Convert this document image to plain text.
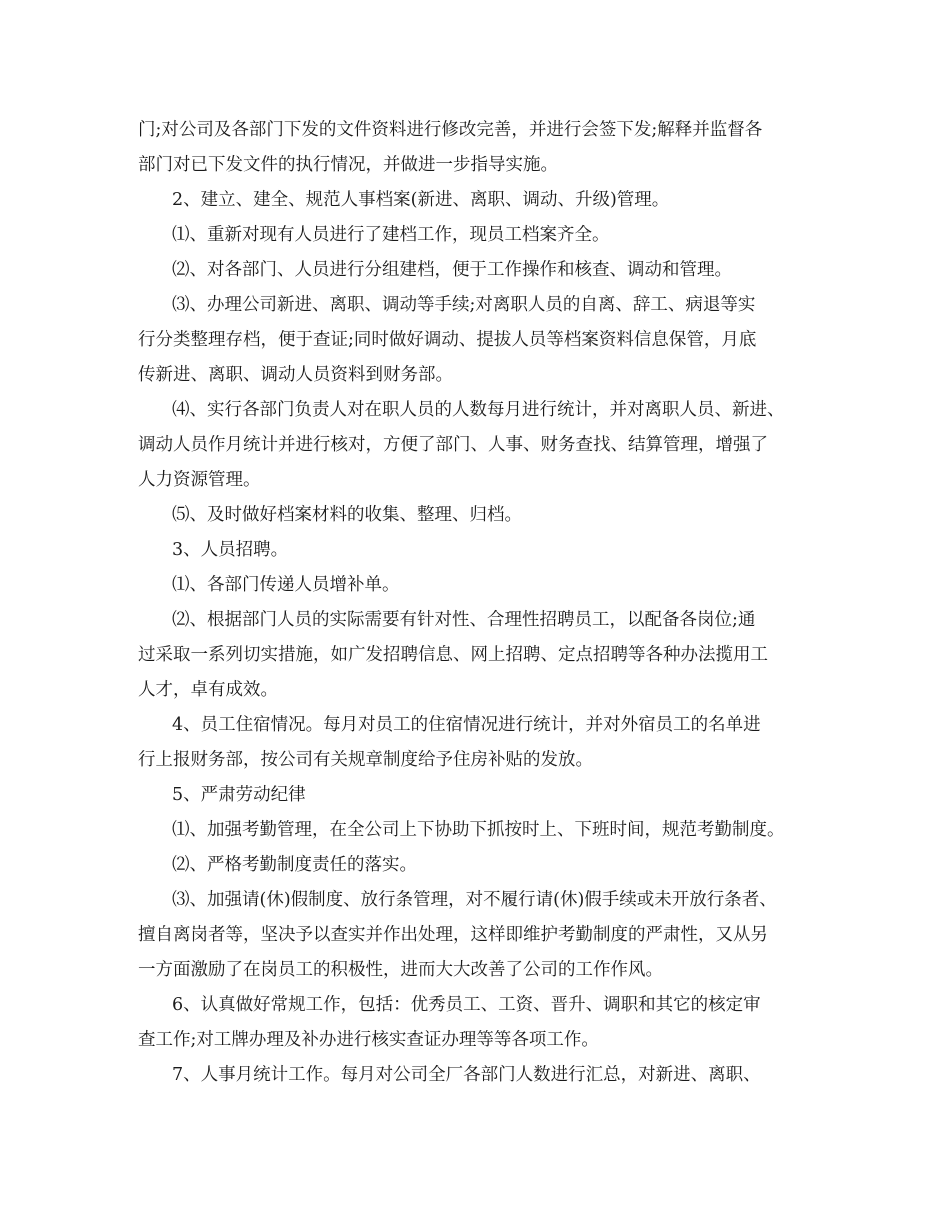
门;对公司及各部门下发的文件资料进行修改完善，并进行会签下发;解释并监督各
部门对已下发文件的执行情况，并做进一步指导实施。
2、建立、建全、规范人事档案(新进、离职、调动、升级)管理。
⑴、重新对现有人员进行了建档工作，现员工档案齐全。
⑵、对各部门、人员进行分组建档，便于工作操作和核查、调动和管理。
⑶、办理公司新进、离职、调动等手续;对离职人员的自离、辞工、病退等实
行分类整理存档，便于查证;同时做好调动、提拔人员等档案资料信息保管，月底
传新进、离职、调动人员资料到财务部。
⑷、实行各部门负责人对在职人员的人数每月进行统计，并对离职人员、新进、
调动人员作月统计并进行核对，方便了部门、人事、财务查找、结算管理，增强了
人力资源管理。
⑸、及时做好档案材料的收集、整理、归档。
3、人员招聘。
⑴、各部门传递人员增补单。
⑵、根据部门人员的实际需要有针对性、合理性招聘员工，以配备各岗位;通
过采取一系列切实措施，如广发招聘信息、网上招聘、定点招聘等各种办法揽用工
人才，卓有成效。
4、员工住宿情况。每月对员工的住宿情况进行统计，并对外宿员工的名单进
行上报财务部，按公司有关规章制度给予住房补贴的发放。
5、严肃劳动纪律
⑴、加强考勤管理，在全公司上下协助下抓按时上、下班时间，规范考勤制度。
⑵、严格考勤制度责任的落实。
⑶、加强请(休)假制度、放行条管理，对不履行请(休)假手续或未开放行条者、
擅自离岗者等，坚决予以查实并作出处理，这样即维护考勤制度的严肃性，又从另
一方面激励了在岗员工的积极性，进而大大改善了公司的工作作风。
6、认真做好常规工作，包括：优秀员工、工资、晋升、调职和其它的核定审
查工作;对工牌办理及补办进行核实查证办理等等各项工作。
7、人事月统计工作。每月对公司全厂各部门人数进行汇总，对新进、离职、
